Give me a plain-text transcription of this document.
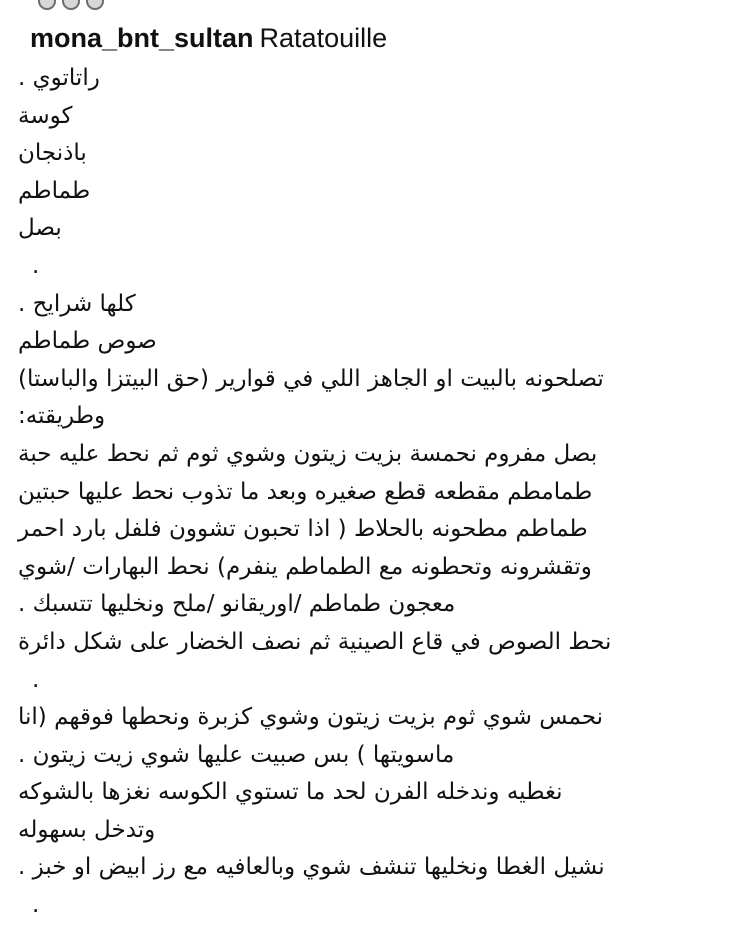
mona_bnt_sultan Ratatouille
راتاتوي .
كوسة
باذنجان
طماطم
بصل
.
كلها شرايح .
صوص طماطم
تصلحونه بالبيت او الجاهز اللي في قوارير (حق البيتزا والباستا)
وطريقته:
بصل مفروم نحمسة بزيت زيتون وشوي ثوم ثم نحط عليه حبة
طمامطم مقطعه قطع صغيره وبعد ما تذوب نحط عليها حبتين
طماطم مطحونه بالحلاط ( اذا تحبون تشوون فلفل بارد احمر
وتقشرونه وتحطونه مع الطماطم ينفرم) نحط البهارات /شوي
معجون طماطم /اوريقانو /ملح ونخليها تتسبك .
نحط الصوص في قاع الصينية ثم نصف الخضار على شكل دائرة
.
نحمس شوي ثوم بزيت زيتون وشوي كزبرة ونحطها فوقهم (انا
ماسويتها ) بس صبيت عليها شوي زيت زيتون .
نغطيه وندخله الفرن لحد ما تستوي الكوسه نغزها بالشوكه
وتدخل بسهوله
نشيل الغطا ونخليها تنشف شوي وبالعافيه مع رز ابيض او خبز .
.
